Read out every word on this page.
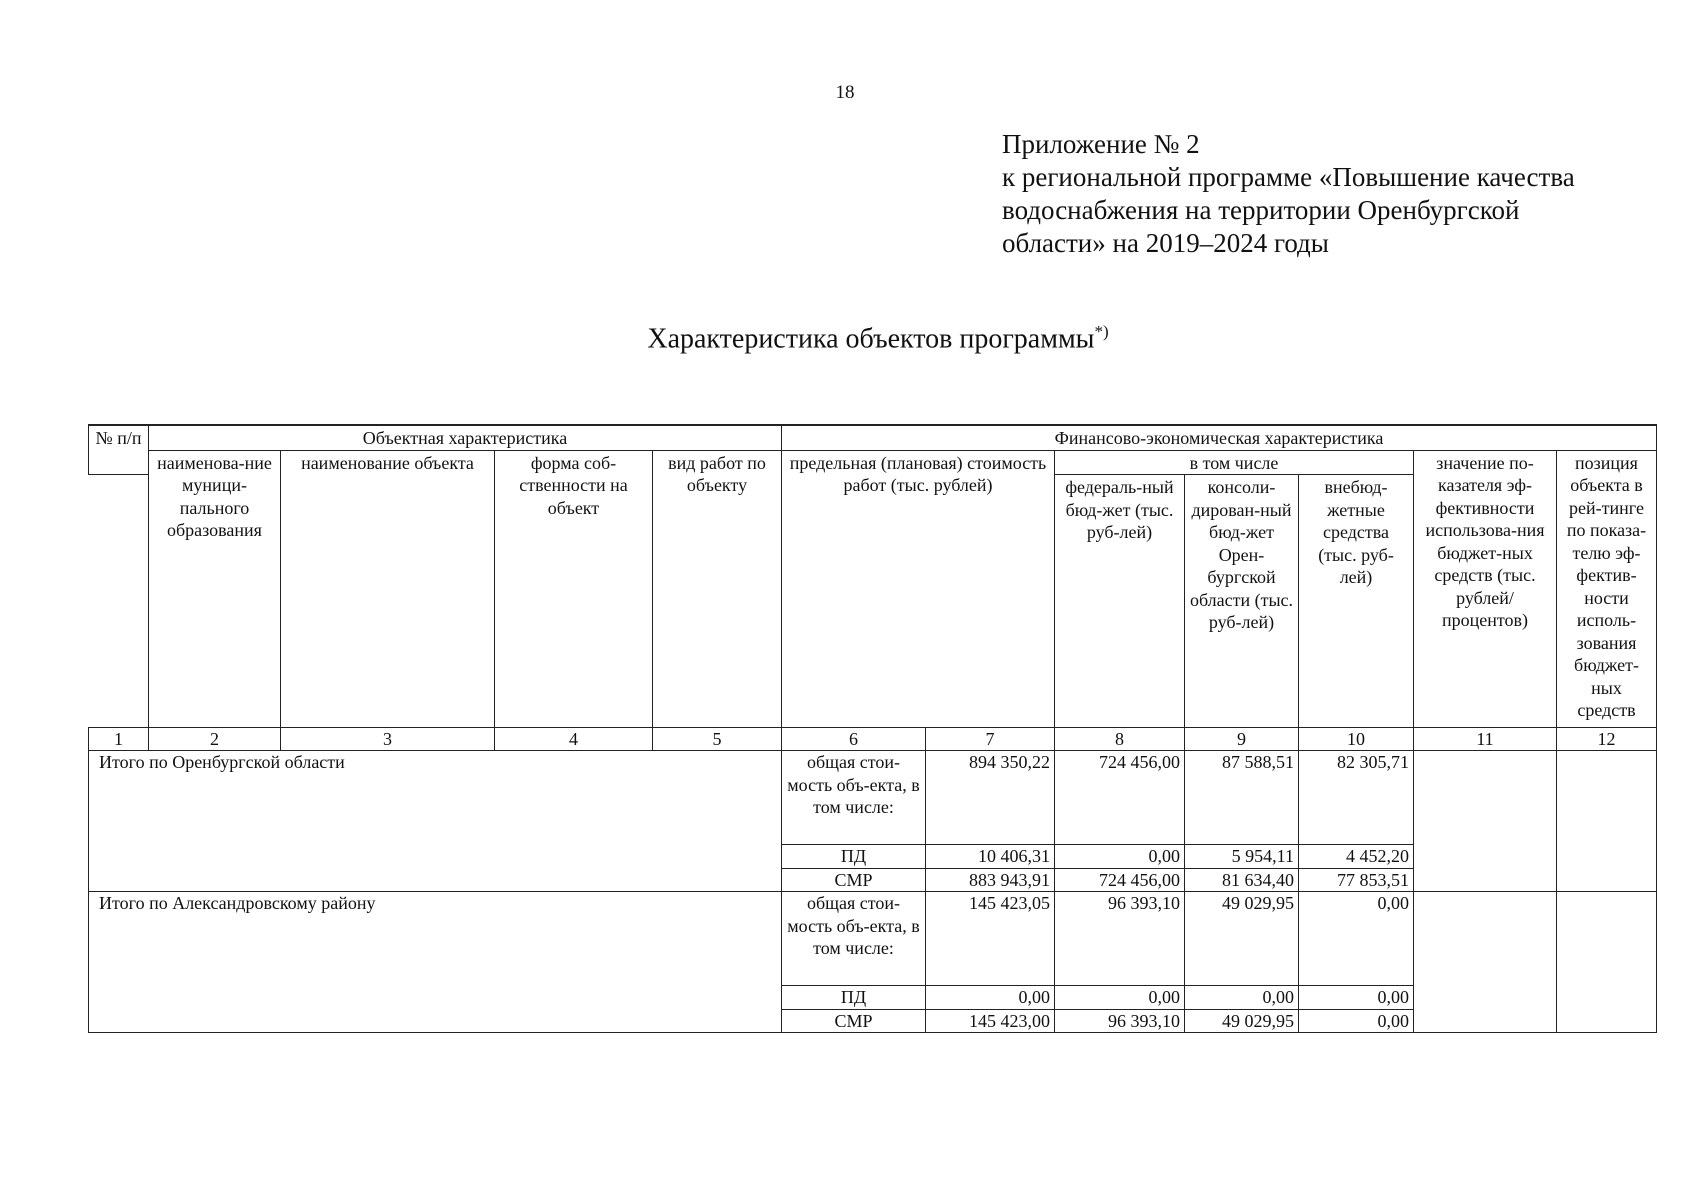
18
Приложение № 2
к региональной программе «Повышение качества
водоснабжения на территории Оренбургской
области» на 2019–2024 годы
Характеристика объектов программы*)
№ п/п	Объектная характеристика				Финансово-экономическая характеристика						
	наименова-ние муници-пального образования	наименование объекта	форма соб-ственности на объект	вид работ по объекту	предельная (плановая) стоимость работ (тыс. рублей)		в том числе			значение по-казателя эф-фективности использова-ния бюджет-ных средств (тыс. рублей/ процентов)	позиция объекта в рей-тинге по показа-телю эф-фектив-ности исполь-зования бюджет-ных средств
							федераль-ный бюд-жет (тыс. руб-лей)	консоли-дирован-ный бюд-жет Орен-бургской области (тыс. руб-лей)	внебюд-жетные средства (тыс. руб-лей)		
1	2	3	4	5	6	7	8	9	10	11	12
Итого по Оренбургской области					общая стои-мость объ-екта, в том числе:	894 350,22	724 456,00	87 588,51	82 305,71		
					ПД	10 406,31	0,00	5 954,11	4 452,20		
					СМР	883 943,91	724 456,00	81 634,40	77 853,51		
Итого по Александровскому району					общая стои-мость объ-екта, в том числе:	145 423,05	96 393,10	49 029,95	0,00		
					ПД	0,00	0,00	0,00	0,00		
					СМР	145 423,00	96 393,10	49 029,95	0,00		
